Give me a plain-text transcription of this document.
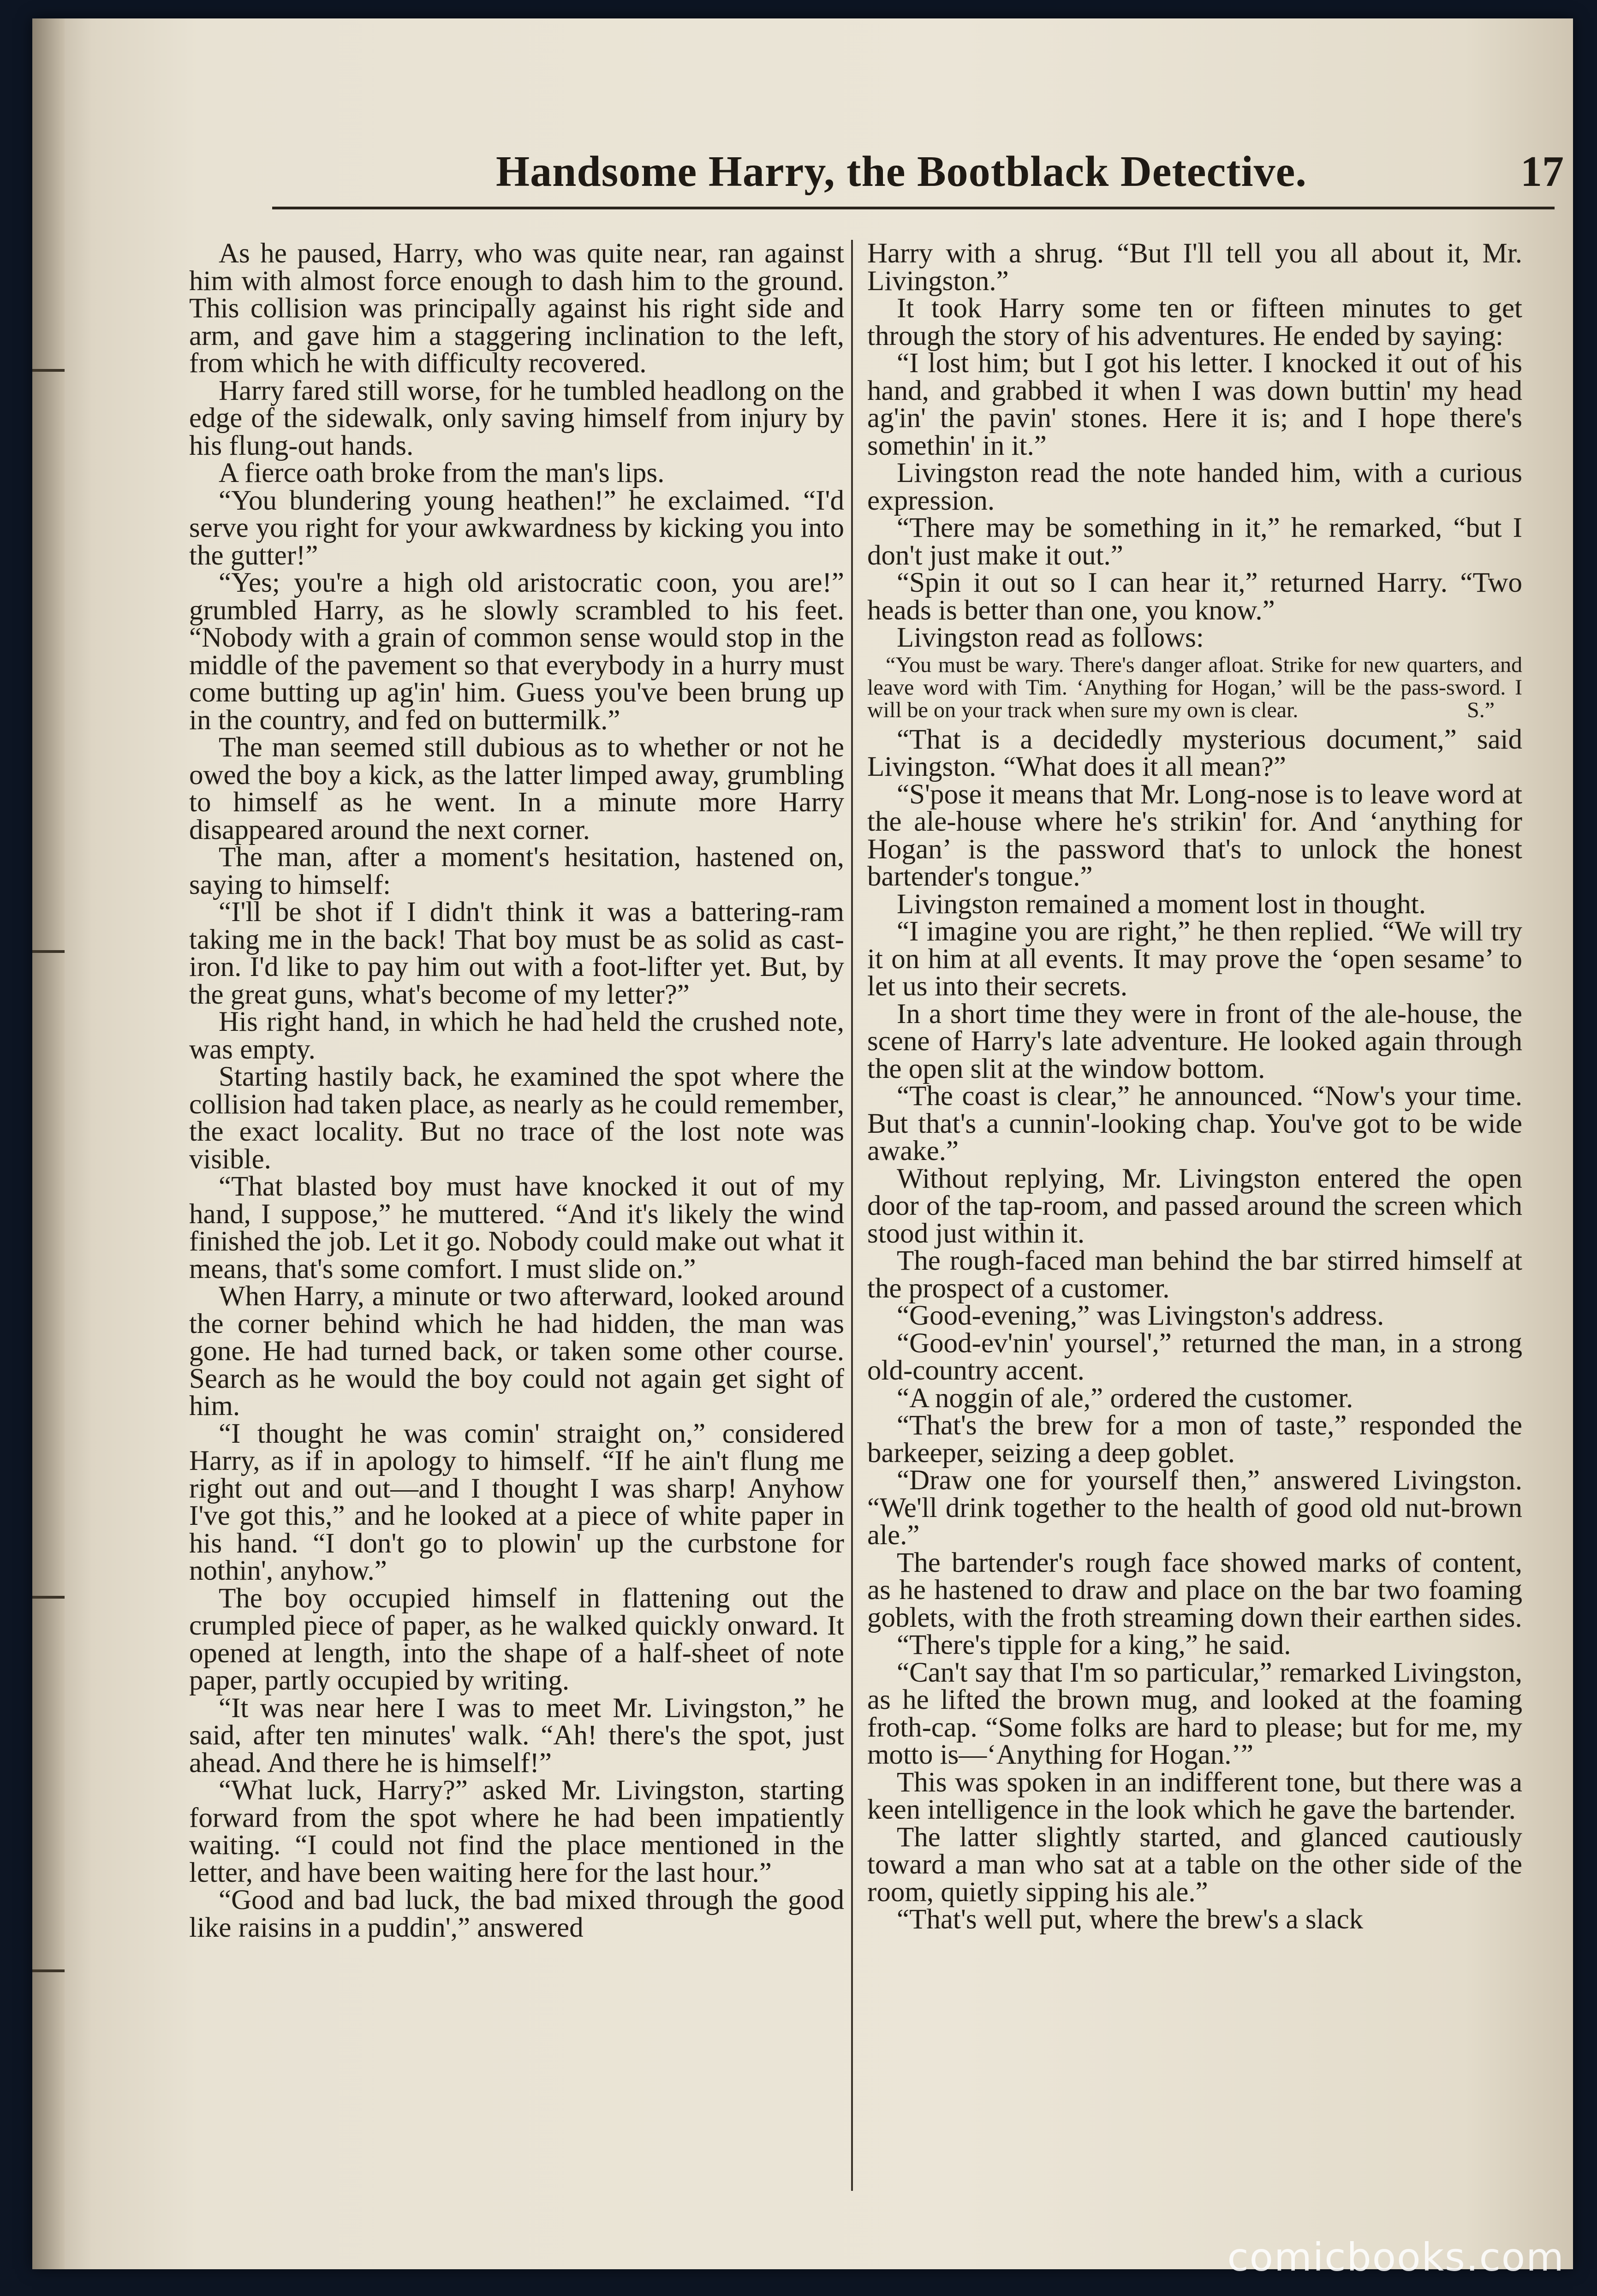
Handsome Harry, the Bootblack Detective.	17

As he paused, Harry, who was quite near, ran against him with almost force enough to dash him to the ground. This collision was principally against his right side and arm, and gave him a staggering inclination to the left, from which he with difficulty recovered.

Harry fared still worse, for he tumbled headlong on the edge of the sidewalk, only saving himself from injury by his flung-out hands.

A fierce oath broke from the man's lips.

“You blundering young heathen!” he exclaimed. “I'd serve you right for your awkwardness by kicking you into the gutter!”

“Yes; you're a high old aristocratic coon, you are!” grumbled Harry, as he slowly scrambled to his feet. “Nobody with a grain of common sense would stop in the middle of the pavement so that everybody in a hurry must come butting up ag'in' him. Guess you've been brung up in the country, and fed on buttermilk.”

The man seemed still dubious as to whether or not he owed the boy a kick, as the latter limped away, grumbling to himself as he went. In a minute more Harry disappeared around the next corner.

The man, after a moment's hesitation, hastened on, saying to himself:

“I'll be shot if I didn't think it was a battering-ram taking me in the back! That boy must be as solid as cast-iron. I'd like to pay him out with a foot-lifter yet. But, by the great guns, what's become of my letter?”

His right hand, in which he had held the crushed note, was empty.

Starting hastily back, he examined the spot where the collision had taken place, as nearly as he could remember, the exact locality. But no trace of the lost note was visible.

“That blasted boy must have knocked it out of my hand, I suppose,” he muttered. “And it's likely the wind finished the job. Let it go. Nobody could make out what it means, that's some comfort. I must slide on.”

When Harry, a minute or two afterward, looked around the corner behind which he had hidden, the man was gone. He had turned back, or taken some other course. Search as he would the boy could not again get sight of him.

“I thought he was comin' straight on,” considered Harry, as if in apology to himself. “If he ain't flung me right out and out—and I thought I was sharp! Anyhow I've got this,” and he looked at a piece of white paper in his hand. “I don't go to plowin' up the curbstone for nothin', anyhow.”

The boy occupied himself in flattening out the crumpled piece of paper, as he walked quickly onward. It opened at length, into the shape of a half-sheet of note paper, partly occupied by writing.

“It was near here I was to meet Mr. Livingston,” he said, after ten minutes' walk. “Ah! there's the spot, just ahead. And there he is himself!”

“What luck, Harry?” asked Mr. Livingston, starting forward from the spot where he had been impatiently waiting. “I could not find the place mentioned in the letter, and have been waiting here for the last hour.”

“Good and bad luck, the bad mixed through the good like raisins in a puddin',” answered

Harry with a shrug. “But I'll tell you all about it, Mr. Livingston.”

It took Harry some ten or fifteen minutes to get through the story of his adventures. He ended by saying:

“I lost him; but I got his letter. I knocked it out of his hand, and grabbed it when I was down buttin' my head ag'in' the pavin' stones. Here it is; and I hope there's somethin' in it.”

Livingston read the note handed him, with a curious expression.

“There may be something in it,” he remarked, “but I don't just make it out.”

“Spin it out so I can hear it,” returned Harry. “Two heads is better than one, you know.”

Livingston read as follows:

“You must be wary. There's danger afloat. Strike for new quarters, and leave word with Tim. ‘Anything for Hogan,’ will be the pass-sword. I will be on your track when sure my own is clear.	S.”

“That is a decidedly mysterious document,” said Livingston. “What does it all mean?”

“S'pose it means that Mr. Long-nose is to leave word at the ale-house where he's strikin' for. And ‘anything for Hogan’ is the password that's to unlock the honest bartender's tongue.”

Livingston remained a moment lost in thought.

“I imagine you are right,” he then replied. “We will try it on him at all events. It may prove the ‘open sesame’ to let us into their secrets.

In a short time they were in front of the ale-house, the scene of Harry's late adventure. He looked again through the open slit at the window bottom.

“The coast is clear,” he announced. “Now's your time. But that's a cunnin'-looking chap. You've got to be wide awake.”

Without replying, Mr. Livingston entered the open door of the tap-room, and passed around the screen which stood just within it.

The rough-faced man behind the bar stirred himself at the prospect of a customer.

“Good-evening,” was Livingston's address.

“Good-ev'nin' yoursel',” returned the man, in a strong old-country accent.

“A noggin of ale,” ordered the customer.

“That's the brew for a mon of taste,” responded the barkeeper, seizing a deep goblet.

“Draw one for yourself then,” answered Livingston. “We'll drink together to the health of good old nut-brown ale.”

The bartender's rough face showed marks of content, as he hastened to draw and place on the bar two foaming goblets, with the froth streaming down their earthen sides.

“There's tipple for a king,” he said.

“Can't say that I'm so particular,” remarked Livingston, as he lifted the brown mug, and looked at the foaming froth-cap. “Some folks are hard to please; but for me, my motto is—‘Anything for Hogan.’”

This was spoken in an indifferent tone, but there was a keen intelligence in the look which he gave the bartender.

The latter slightly started, and glanced cautiously toward a man who sat at a table on the other side of the room, quietly sipping his ale.”

“That's well put, where the brew's a slack

comicbooks.com
